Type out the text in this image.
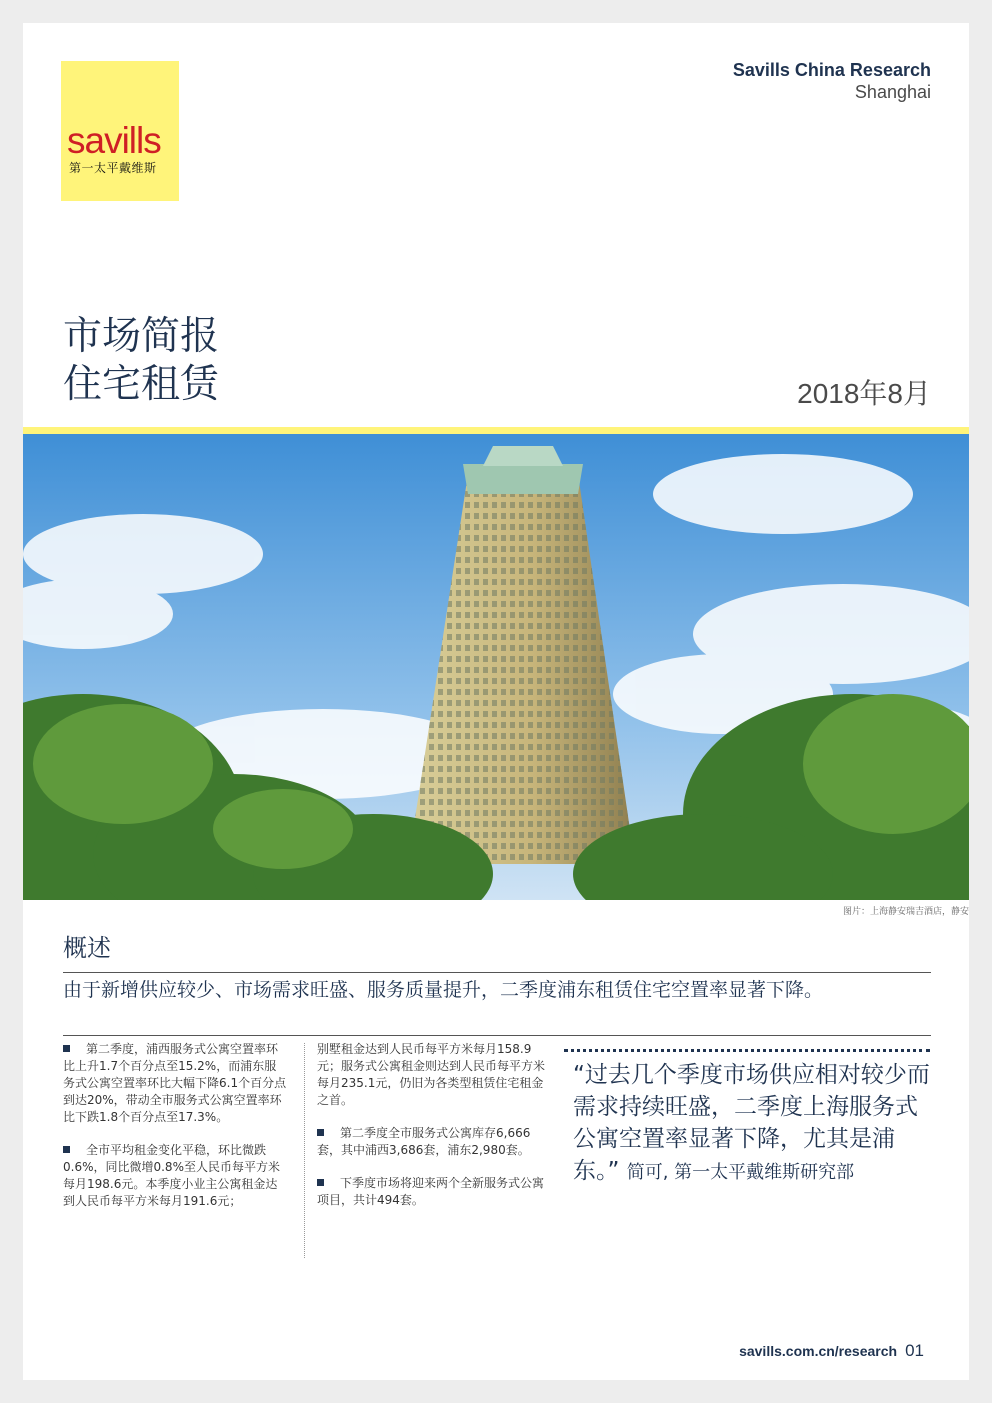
savills
第一太平戴维斯
Savills China Research
Shanghai
市场简报
住宅租赁	2018年8月
图片：上海静安瑞吉酒店，静安
概述
由于新增供应较少、市场需求旺盛、服务质量提升，二季度浦东租赁住宅空置率显著下降。

第二季度，浦西服务式公寓空置率环比上升1.7个百分点至15.2%，而浦东服务式公寓空置率环比大幅下降6.1个百分点到达20%，带动全市服务式公寓空置率环比下跌1.8个百分点至17.3%。

全市平均租金变化平稳，环比微跌0.6%，同比微增0.8%至人民币每平方米每月198.6元。本季度小业主公寓租金达到人民币每平方米每月191.6元；

别墅租金达到人民币每平方米每月158.9元；服务式公寓租金则达到人民币每平方米每月235.1元，仍旧为各类型租赁住宅租金之首。

第二季度全市服务式公寓库存6,666套，其中浦西3,686套，浦东2,980套。

下季度市场将迎来两个全新服务式公寓项目，共计494套。

“过去几个季度市场供应相对较少而需求持续旺盛，二季度上海服务式公寓空置率显著下降，尤其是浦东。” 简可, 第一太平戴维斯研究部
savills.com.cn/research 01
